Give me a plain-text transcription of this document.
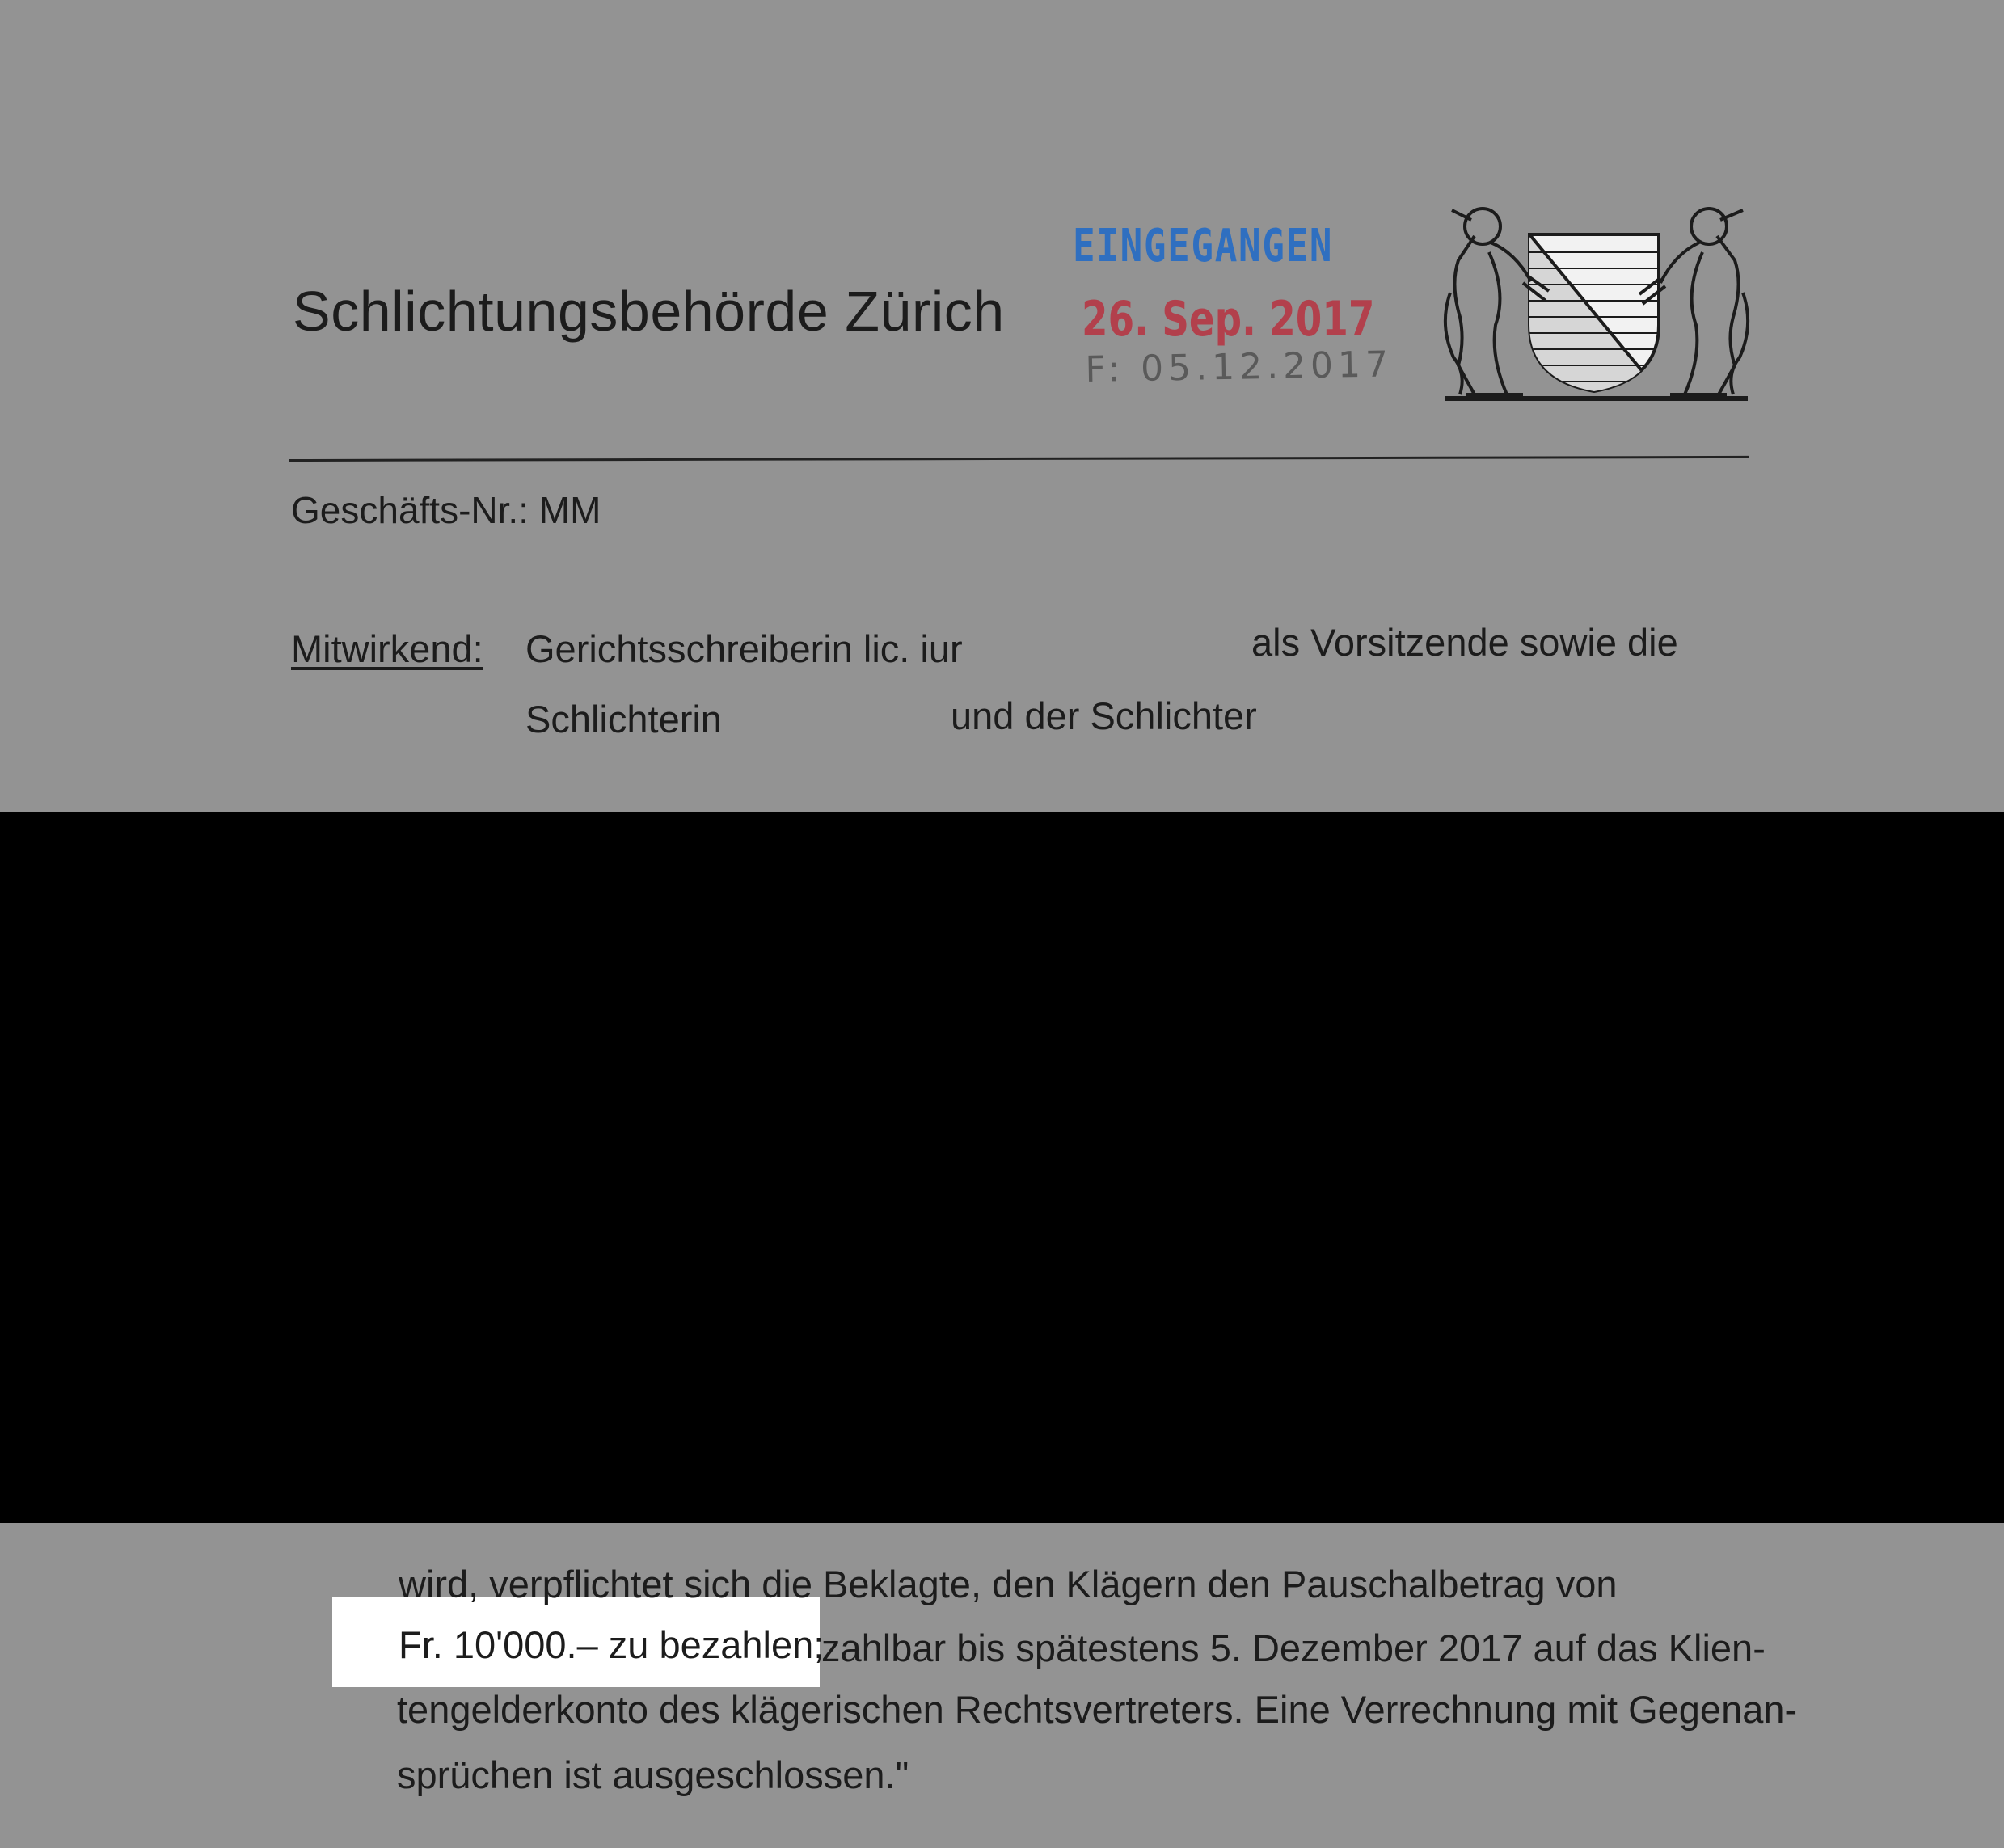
Schlichtungsbehörde Zürich
EINGEGANGEN
26. Sep. 2017
F: 05.12.2017
Geschäfts-Nr.: MM
Mitwirkend: Gerichtsschreiberin lic. iur	als Vorsitzende sowie die
Schlichterin	und der Schlichter
wird, verpflichtet sich die Beklagte, den Klägern den Pauschalbetrag von
Fr. 10'000.– zu bezahlen;
zahlbar bis spätestens 5. Dezember 2017 auf das Klien-
tengelderkonto des klägerischen Rechtsvertreters. Eine Verrechnung mit Gegenan-
sprüchen ist ausgeschlossen."
